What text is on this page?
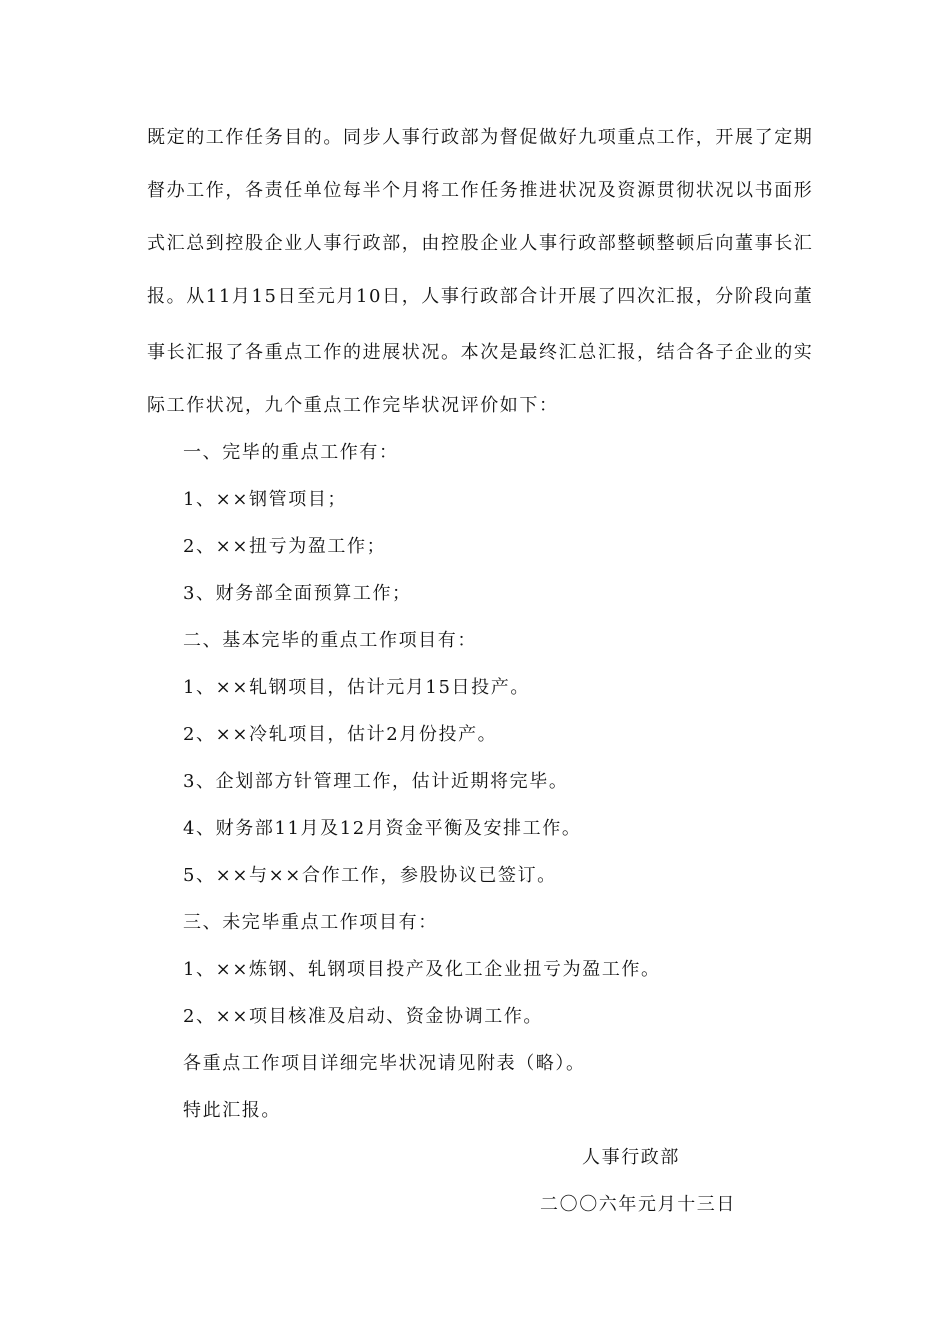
既定的工作任务目的。同步人事行政部为督促做好九项重点工作，开展了定期
督办工作，各责任单位每半个月将工作任务推进状况及资源贯彻状况以书面形
式汇总到控股企业人事行政部，由控股企业人事行政部整顿整顿后向董事长汇
报。从11月15日至元月10日，人事行政部合计开展了四次汇报，分阶段向董
事长汇报了各重点工作的进展状况。本次是最终汇总汇报，结合各子企业的实
际工作状况，九个重点工作完毕状况评价如下：
一、完毕的重点工作有：
1、××钢管项目；
2、××扭亏为盈工作；
3、财务部全面预算工作；
二、基本完毕的重点工作项目有：
1、××轧钢项目，估计元月15日投产。
2、××冷轧项目，估计2月份投产。
3、企划部方针管理工作，估计近期将完毕。
4、财务部11月及12月资金平衡及安排工作。
5、××与××合作工作，参股协议已签订。
三、未完毕重点工作项目有：
1、××炼钢、轧钢项目投产及化工企业扭亏为盈工作。
2、××项目核准及启动、资金协调工作。
各重点工作项目详细完毕状况请见附表（略）。
特此汇报。
人事行政部
二〇〇六年元月十三日
